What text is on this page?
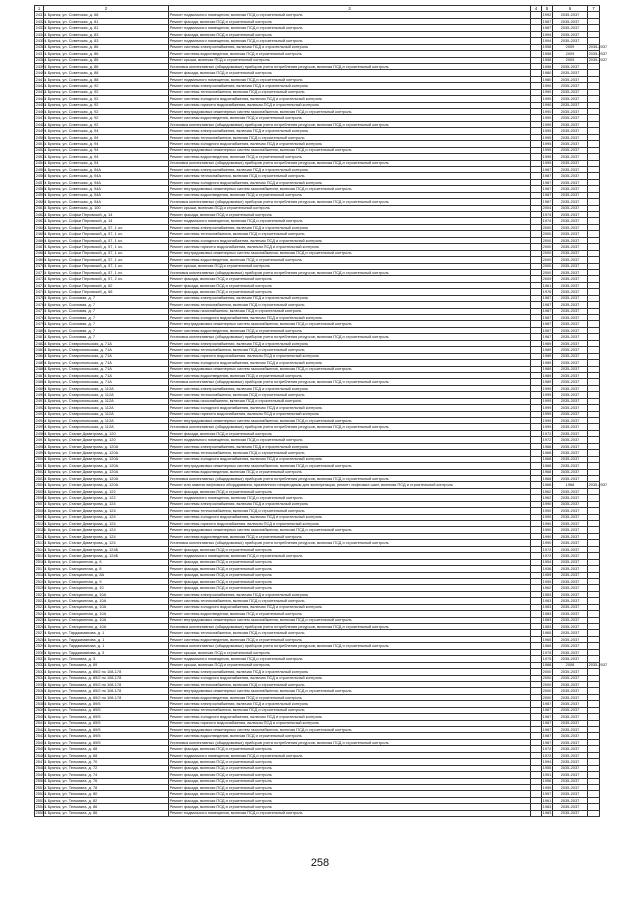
1	2	3	4	5	6	7
24311	г. Брянск, ул. Советская, д. 68	Ремонт подвального помещения, включая ПСД и строительный контроль		1992	2035-2037	
24321	г. Брянск, ул. Советская, д. 81	Ремонт фасада, включая ПСД и строительный контроль		1987	2035-2037	
24331	г. Брянск, ул. Советская, д. 81	Ремонт подвального помещения, включая ПСД и строительный контроль		1987	2035-2037	
24341	г. Брянск, ул. Советская, д. 83	Ремонт фасада, включая ПСД и строительный контроль		1994	2035-2037	
24351	г. Брянск, ул. Советская, д. 83	Ремонт подвального помещения, включая ПСД и строительный контроль		1994	2035-2037	
24361	г. Брянск, ул. Советская, д. 86	Ремонт системы электроснабжения, включая ПСД и строительный контроль		1958	2009	2035-2037
24371	г. Брянск, ул. Советская, д. 86	Ремонт системы водоотведения, включая ПСД и строительный контроль		1958	2009	2035-2037
24381	г. Брянск, ул. Советская, д. 86	Ремонт крыши, включая ПСД и строительный контроль		1958	2009	2035-2037
24391	г. Брянск, ул. Советская, д. 86	Установка коллективных (общедомовых) приборов учета потребления ресурсов, включая ПСД и строительный контроль		1958	2035-2037	
24401	г. Брянск, ул. Советская, д. 88	Ремонт фасада, включая ПСД и строительный контроль		1980	2035-2037	
24411	г. Брянск, ул. Советская, д. 88	Ремонт подвального помещения, включая ПСД и строительный контроль		1980	2035-2037	
24421	г. Брянск, ул. Советская, д. 92	Ремонт системы электроснабжения, включая ПСД и строительный контроль		1990	2035-2037	
24431	г. Брянск, ул. Советская, д. 92	Ремонт системы теплоснабжения, включая ПСД и строительный контроль		1990	2035-2037	
24441	г. Брянск, ул. Советская, д. 92	Ремонт системы холодного водоснабжения, включая ПСД и строительный контроль		1990	2035-2037	
24451	г. Брянск, ул. Советская, д. 92	Ремонт системы горячего водоснабжения, включая ПСД и строительный контроль		1990	2035-2037	
24461	г. Брянск, ул. Советская, д. 92	Ремонт внутридомовых инженерных систем газоснабжения, включая ПСД и строительный контроль		1990	2035-2037	
24471	г. Брянск, ул. Советская, д. 92	Ремонт системы водоотведения, включая ПСД и строительный контроль		1990	2035-2037	
24481	г. Брянск, ул. Советская, д. 92	Установка коллективных (общедомовых) приборов учета потребления ресурсов, включая ПСД и строительный контроль		1990	2035-2037	
24491	г. Брянск, ул. Советская, д. 94	Ремонт системы электроснабжения, включая ПСД и строительный контроль		1995	2035-2037	
24501	г. Брянск, ул. Советская, д. 94	Ремонт системы теплоснабжения, включая ПСД и строительный контроль		1995	2035-2037	
24511	г. Брянск, ул. Советская, д. 94	Ремонт системы холодного водоснабжения, включая ПСД и строительный контроль		1995	2035-2037	
24521	г. Брянск, ул. Советская, д. 94	Ремонт внутридомовых инженерных систем газоснабжения, включая ПСД и строительный контроль		1995	2035-2037	
24531	г. Брянск, ул. Советская, д. 94	Ремонт системы водоотведения, включая ПСД и строительный контроль		1995	2035-2037	
24541	г. Брянск, ул. Советская, д. 94	Установка коллективных (общедомовых) приборов учета потребления ресурсов, включая ПСД и строительный контроль		1995	2035-2037	
24551	г. Брянск, ул. Советская, д. 94А	Ремонт системы электроснабжения, включая ПСД и строительный контроль		1987	2035-2037	
24561	г. Брянск, ул. Советская, д. 94А	Ремонт системы теплоснабжения, включая ПСД и строительный контроль		1987	2035-2037	
24571	г. Брянск, ул. Советская, д. 94А	Ремонт системы холодного водоснабжения, включая ПСД и строительный контроль		1987	2035-2037	
24581	г. Брянск, ул. Советская, д. 94А	Ремонт внутридомовых инженерных систем газоснабжения, включая ПСД и строительный контроль		1987	2035-2037	
24591	г. Брянск, ул. Советская, д. 94А	Ремонт системы водоотведения, включая ПСД и строительный контроль		1987	2035-2037	
24601	г. Брянск, ул. Советская, д. 94А	Установка коллективных (общедомовых) приборов учета потребления ресурсов, включая ПСД и строительный контроль		1987	2035-2037	
24611	г. Брянск, ул. Советская, д. 100	Ремонт крыши, включая ПСД и строительный контроль		2004	2035-2037	
24621	г. Брянск, ул. Софьи Перовской, д. 14	Ремонт фасада, включая ПСД и строительный контроль		1974	2035-2037	
24631	г. Брянск, ул. Софьи Перовской, д. 14	Ремонт подвального помещения, включая ПСД и строительный контроль		1974	2035-2037	
24641	г. Брянск, ул. Софьи Перовской, д. 57, 1 оч.	Ремонт системы электроснабжения, включая ПСД и строительный контроль		2000	2035-2037	
24651	г. Брянск, ул. Софьи Перовской, д. 57, 1 оч.	Ремонт системы теплоснабжения, включая ПСД и строительный контроль		2000	2035-2037	
24661	г. Брянск, ул. Софьи Перовской, д. 57, 1 оч.	Ремонт системы холодного водоснабжения, включая ПСД и строительный контроль		2000	2035-2037	
24671	г. Брянск, ул. Софьи Перовской, д. 57, 1 оч.	Ремонт системы горячего водоснабжения, включая ПСД и строительный контроль		2000	2035-2037	
24681	г. Брянск, ул. Софьи Перовской, д. 57, 1 оч.	Ремонт внутридомовых инженерных систем газоснабжения, включая ПСД и строительный контроль		2000	2035-2037	
24691	г. Брянск, ул. Софьи Перовской, д. 57, 1 оч.	Ремонт системы водоотведения, включая ПСД и строительный контроль		2000	2035-2037	
24701	г. Брянск, ул. Софьи Перовской, д. 57, 1 оч.	Ремонт крыши, включая ПСД и строительный контроль		2000	2035-2037	
24711	г. Брянск, ул. Софьи Перовской, д. 57, 1 оч.	Установка коллективных (общедомовых) приборов учета потребления ресурсов, включая ПСД и строительный контроль		2000	2035-2037	
24721	г. Брянск, ул. Софьи Перовской, д. 57, 2 оч.	Ремонт фасада, включая ПСД и строительный контроль		2009	2035-2037	
24731	г. Брянск, ул. Софьи Перовской, д. 62	Ремонт фасада, включая ПСД и строительный контроль		1961	2035-2037	
24741	г. Брянск, ул. Софьи Перовской, д. 66	Ремонт фасада, включая ПСД и строительный контроль		1976	2035-2037	
24751	г. Брянск, ул. Сосновая, д. 7	Ремонт системы электроснабжения, включая ПСД и строительный контроль		1987	2035-2037	
24761	г. Брянск, ул. Сосновая, д. 7	Ремонт системы теплоснабжения, включая ПСД и строительный контроль		1987	2035-2037	
24771	г. Брянск, ул. Сосновая, д. 7	Ремонт системы газоснабжения, включая ПСД и строительный контроль		1987	2035-2037	
24781	г. Брянск, ул. Сосновая, д. 7	Ремонт системы холодного водоснабжения, включая ПСД и строительный контроль		1987	2035-2037	
24791	г. Брянск, ул. Сосновая, д. 7	Ремонт внутридомовых инженерных систем газоснабжения, включая ПСД и строительный контроль		1987	2035-2037	
24801	г. Брянск, ул. Сосновая, д. 7	Ремонт системы водоотведения, включая ПСД и строительный контроль		1987	2035-2037	
24811	г. Брянск, ул. Сосновая, д. 7	Установка коллективных (общедомовых) приборов учета потребления ресурсов, включая ПСД и строительный контроль		1987	2035-2037	
24821	г. Брянск, ул. Ставропольская, д. 71А	Ремонт системы электроснабжения, включая ПСД и строительный контроль		1989	2035-2037	
24831	г. Брянск, ул. Ставропольская, д. 71А	Ремонт системы теплоснабжения, включая ПСД и строительный контроль		1989	2035-2037	
24841	г. Брянск, ул. Ставропольская, д. 71А	Ремонт системы горячего водоснабжения, включая ПСД и строительный контроль		1989	2035-2037	
24851	г. Брянск, ул. Ставропольская, д. 71А	Ремонт системы холодного водоснабжения, включая ПСД и строительный контроль		1989	2035-2037	
24861	г. Брянск, ул. Ставропольская, д. 71А	Ремонт внутридомовых инженерных систем газоснабжения, включая ПСД и строительный контроль		1989	2035-2037	
24871	г. Брянск, ул. Ставропольская, д. 71А	Ремонт системы водоотведения, включая ПСД и строительный контроль		1989	2035-2037	
24881	г. Брянск, ул. Ставропольская, д. 71А	Установка коллективных (общедомовых) приборов учета потребления ресурсов, включая ПСД и строительный контроль		1989	2035-2037	
24891	г. Брянск, ул. Ставропольская, д. 112А	Ремонт системы электроснабжения, включая ПСД и строительный контроль		1999	2035-2037	
24901	г. Брянск, ул. Ставропольская, д. 112А	Ремонт системы теплоснабжения, включая ПСД и строительный контроль		1999	2035-2037	
24911	г. Брянск, ул. Ставропольская, д. 112А	Ремонт системы газоснабжения, включая ПСД и строительный контроль		1999	2035-2037	
24921	г. Брянск, ул. Ставропольская, д. 112А	Ремонт системы холодного водоснабжения, включая ПСД и строительный контроль		1999	2035-2037	
24931	г. Брянск, ул. Ставропольская, д. 112А	Ремонт системы горячего водоснабжения, включая ПСД и строительный контроль		1999	2035-2037	
24941	г. Брянск, ул. Ставропольская, д. 112А	Ремонт внутридомовых инженерных систем газоснабжения, включая ПСД и строительный контроль		1999	2035-2037	
24951	г. Брянск, ул. Ставропольская, д. 112А	Установка коллективных (общедомовых) приборов учета потребления ресурсов, включая ПСД и строительный контроль		1999	2035-2037	
24961	г. Брянск, ул. Станке Димитрова, д. 120	Ремонт фасада, включая ПСД и строительный контроль		1972	2035-2037	
24971	г. Брянск, ул. Станке Димитрова, д. 120	Ремонт подвального помещения, включая ПСД и строительный контроль		1972	2035-2037	
24981	г. Брянск, ул. Станке Димитрова, д. 120А	Ремонт системы электроснабжения, включая ПСД и строительный контроль		1968	2035-2037	
24991	г. Брянск, ул. Станке Димитрова, д. 120А	Ремонт системы теплоснабжения, включая ПСД и строительный контроль		1968	2035-2037	
25001	г. Брянск, ул. Станке Димитрова, д. 120А	Ремонт системы холодного водоснабжения, включая ПСД и строительный контроль		1968	2035-2037	
25011	г. Брянск, ул. Станке Димитрова, д. 120А	Ремонт внутридомовых инженерных систем газоснабжения, включая ПСД и строительный контроль		1968	2035-2037	
25021	г. Брянск, ул. Станке Димитрова, д. 120А	Ремонт системы водоотведения, включая ПСД и строительный контроль		1968	2035-2037	
25031	г. Брянск, ул. Станке Димитрова, д. 120А	Установка коллективных (общедомовых) приборов учета потребления ресурсов, включая ПСД и строительный контроль		1968	2035-2037	
25041	г. Брянск, ул. Станке Димитрова, д. 120А	Ремонт или замена лифтового оборудования, признанного непригодным для эксплуатации, ремонт лифтовых шахт, включая ПСД и строительный контроль		1968	1968	2035-2037
25051	г. Брянск, ул. Станке Димитрова, д. 122	Ремонт фасада, включая ПСД и строительный контроль		1962	2035-2037	
25061	г. Брянск, ул. Станке Димитрова, д. 122	Ремонт подвального помещения, включая ПСД и строительный контроль		1962	2035-2037	
25071	г. Брянск, ул. Станке Димитрова, д. 124	Ремонт системы электроснабжения, включая ПСД и строительный контроль		1990	2035-2037	
25081	г. Брянск, ул. Станке Димитрова, д. 124	Ремонт системы теплоснабжения, включая ПСД и строительный контроль		1990	2035-2037	
25091	г. Брянск, ул. Станке Димитрова, д. 124	Ремонт системы холодного водоснабжения, включая ПСД и строительный контроль		1990	2035-2037	
25101	г. Брянск, ул. Станке Димитрова, д. 124	Ремонт системы горячего водоснабжения, включая ПСД и строительный контроль		1990	2035-2037	
25111	г. Брянск, ул. Станке Димитрова, д. 124	Ремонт внутридомовых инженерных систем газоснабжения, включая ПСД и строительный контроль		1990	2035-2037	
25121	г. Брянск, ул. Станке Димитрова, д. 124	Ремонт системы водоотведения, включая ПСД и строительный контроль		1990	2035-2037	
25131	г. Брянск, ул. Станке Димитрова, д. 124	Установка коллективных (общедомовых) приборов учета потребления ресурсов, включая ПСД и строительный контроль		1990	2035-2037	
25141	г. Брянск, ул. Станке Димитрова, д. 124Б	Ремонт фасада, включая ПСД и строительный контроль		1972	2035-2037	
25151	г. Брянск, ул. Станке Димитрова, д. 124Б	Ремонт подвального помещения, включая ПСД и строительный контроль		1972	2035-2037	
25161	г. Брянск, ул. Станционная, д. 6	Ремонт фасада, включая ПСД и строительный контроль		1954	2035-2037	
25171	г. Брянск, ул. Станционная, д. 8	Ремонт фасада, включая ПСД и строительный контроль		1936	2035-2037	
25181	г. Брянск, ул. Станционная, д. 8А	Ремонт фасада, включая ПСД и строительный контроль		1959	2035-2037	
25191	г. Брянск, ул. Станционная, д. 9	Ремонт фасада, включая ПСД и строительный контроль		1959	2035-2037	
25201	г. Брянск, ул. Станционная, д. 10	Ремонт фасада, включая ПСД и строительный контроль		1962	2035-2037	
25211	г. Брянск, ул. Станционная, д. 10А	Ремонт системы электроснабжения, включая ПСД и строительный контроль		1983	2035-2037	
25221	г. Брянск, ул. Станционная, д. 10А	Ремонт системы теплоснабжения, включая ПСД и строительный контроль		1983	2035-2037	
25231	г. Брянск, ул. Станционная, д. 10А	Ремонт системы холодного водоснабжения, включая ПСД и строительный контроль		1983	2035-2037	
25241	г. Брянск, ул. Станционная, д. 10А	Ремонт системы водоотведения, включая ПСД и строительный контроль		1983	2035-2037	
25251	г. Брянск, ул. Станционная, д. 10А	Ремонт внутридомовых инженерных систем газоснабжения, включая ПСД и строительный контроль		1983	2035-2037	
25261	г. Брянск, ул. Станционная, д. 10А	Установка коллективных (общедомовых) приборов учета потребления ресурсов, включая ПСД и строительный контроль		1983	2035-2037	
25271	г. Брянск, ул. Тарджиманова, д. 1	Ремонт системы теплоснабжения, включая ПСД и строительный контроль		1965	2035-2037	
25281	г. Брянск, ул. Тарджиманова, д. 1	Ремонт системы водоотведения, включая ПСД и строительный контроль		1965	2035-2037	
25291	г. Брянск, ул. Тарджиманова, д. 1	Установка коллективных (общедомовых) приборов учета потребления ресурсов, включая ПСД и строительный контроль		1965	2035-2037	
25301	г. Брянск, ул. Тарджиманова, д. 3	Ремонт крыши, включая ПСД и строительный контроль		1975	2035-2037	
25311	г. Брянск, ул. Тельмана, д. 3	Ремонт подвального помещения, включая ПСД и строительный контроль		1975	2035-2037	
25321	г. Брянск, ул. Тельмана, д. 89	Ремонт крыши, включая ПСД и строительный контроль		1968	2008	2035-2037
25331	г. Брянск, ул. Тельмана, д. 89/2 по 108-178	Ремонт системы электроснабжения, включая ПСД и строительный контроль		2000	2035-2037	
25341	г. Брянск, ул. Тельмана, д. 89/2 по 108-178	Ремонт системы холодного водоснабжения, включая ПСД и строительный контроль		2000	2035-2037	
25351	г. Брянск, ул. Тельмана, д. 89/2 по 108-178	Ремонт системы теплоснабжения, включая ПСД и строительный контроль		2000	2035-2037	
25361	г. Брянск, ул. Тельмана, д. 89/2 по 108-178	Ремонт внутридомовых инженерных систем газоснабжения, включая ПСД и строительный контроль		2000	2035-2037	
25371	г. Брянск, ул. Тельмана, д. 89/2 по 108-178	Ремонт системы водоотведения, включая ПСД и строительный контроль		2000	2035-2037	
25381	г. Брянск, ул. Тельмана, д. 89/5	Ремонт системы электроснабжения, включая ПСД и строительный контроль		1987	2035-2037	
25391	г. Брянск, ул. Тельмана, д. 89/5	Ремонт системы теплоснабжения, включая ПСД и строительный контроль		1987	2035-2037	
25401	г. Брянск, ул. Тельмана, д. 89/5	Ремонт системы холодного водоснабжения, включая ПСД и строительный контроль		1987	2035-2037	
25411	г. Брянск, ул. Тельмана, д. 89/5	Ремонт системы горячего водоснабжения, включая ПСД и строительный контроль		1987	2035-2037	
25421	г. Брянск, ул. Тельмана, д. 89/5	Ремонт внутридомовых инженерных систем газоснабжения, включая ПСД и строительный контроль		1987	2035-2037	
25431	г. Брянск, ул. Тельмана, д. 89/5	Ремонт системы водоотведения, включая ПСД и строительный контроль		1987	2035-2037	
25441	г. Брянск, ул. Тельмана, д. 89/5	Установка коллективных (общедомовых) приборов учета потребления ресурсов, включая ПСД и строительный контроль		1987	2035-2037	
25451	г. Брянск, ул. Тельмана, д. 68	Ремонт фасада, включая ПСД и строительный контроль		1972	2035-2037	
25461	г. Брянск, ул. Тельмана, д. 68	Ремонт подвального помещения, включая ПСД и строительный контроль		1972	2035-2037	
25471	г. Брянск, ул. Тельмана, д. 70	Ремонт фасада, включая ПСД и строительный контроль		1994	2035-2037	
25481	г. Брянск, ул. Тельмана, д. 72	Ремонт фасада, включая ПСД и строительный контроль		1955	2035-2037	
25491	г. Брянск, ул. Тельмана, д. 74	Ремонт фасада, включая ПСД и строительный контроль		1951	2035-2037	
25501	г. Брянск, ул. Тельмана, д. 76	Ремонт фасада, включая ПСД и строительный контроль		1956	2035-2037	
25511	г. Брянск, ул. Тельмана, д. 78	Ремонт фасада, включая ПСД и строительный контроль		1959	2035-2037	
25521	г. Брянск, ул. Тельмана, д. 80	Ремонт фасада, включая ПСД и строительный контроль		1957	2035-2037	
25531	г. Брянск, ул. Тельмана, д. 82	Ремонт фасада, включая ПСД и строительный контроль		1961	2035-2037	
25541	г. Брянск, ул. Тельмана, д. 86	Ремонт фасада, включая ПСД и строительный контроль		1983	2035-2037	
25551	г. Брянск, ул. Тельмана, д. 86	Ремонт подвального помещения, включая ПСД и строительный контроль		1983	2035-2037	
258
